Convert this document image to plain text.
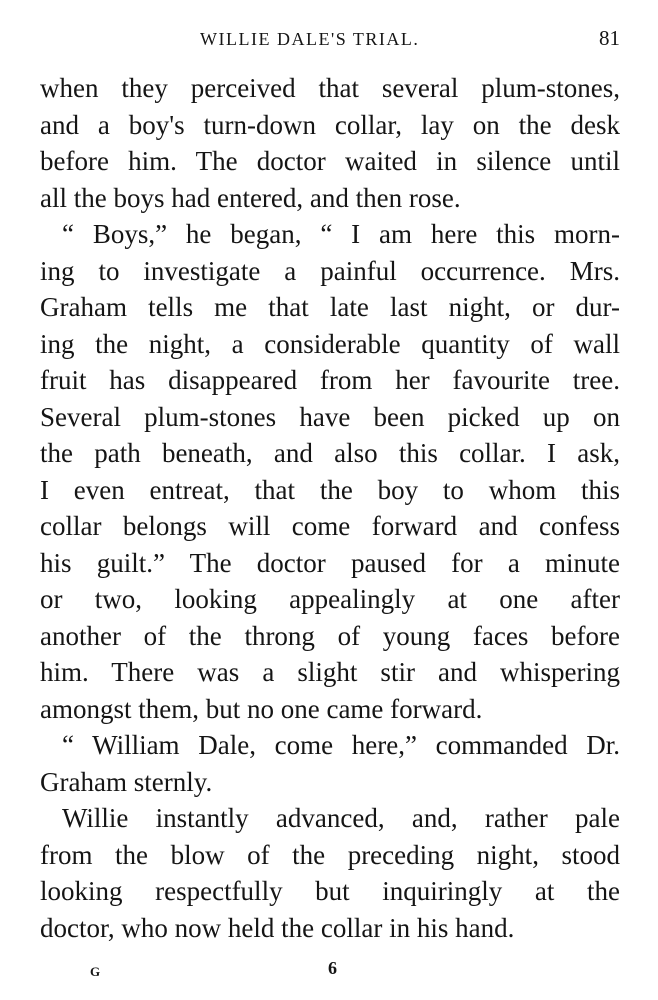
WILLIE DALE'S TRIAL.	81
when they perceived that several plum-stones,
and a boy's turn-down collar, lay on the desk
before him. The doctor waited in silence until
all the boys had entered, and then rose.
“ Boys,” he began, “ I am here this morn-
ing to investigate a painful occurrence. Mrs.
Graham tells me that late last night, or dur-
ing the night, a considerable quantity of wall
fruit has disappeared from her favourite tree.
Several plum-stones have been picked up on
the path beneath, and also this collar. I ask,
I even entreat, that the boy to whom this
collar belongs will come forward and confess
his guilt.” The doctor paused for a minute
or two, looking appealingly at one after
another of the throng of young faces before
him. There was a slight stir and whispering
amongst them, but no one came forward.
“ William Dale, come here,” commanded Dr.
Graham sternly.
Willie instantly advanced, and, rather pale
from the blow of the preceding night, stood
looking respectfully but inquiringly at the
doctor, who now held the collar in his hand.
G	6
